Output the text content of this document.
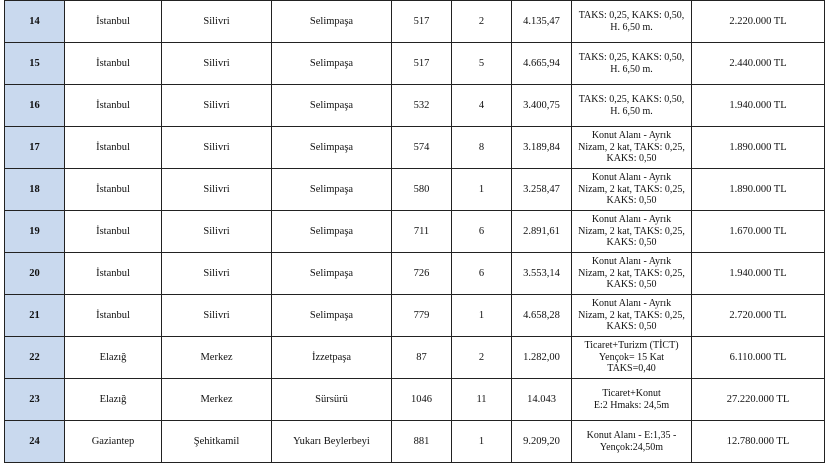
14	İstanbul	Silivri	Selimpaşa	517	2	4.135,47	TAKS: 0,25, KAKS: 0,50,
H. 6,50 m.	2.220.000 TL
15	İstanbul	Silivri	Selimpaşa	517	5	4.665,94	TAKS: 0,25, KAKS: 0,50,
H. 6,50 m.	2.440.000 TL
16	İstanbul	Silivri	Selimpaşa	532	4	3.400,75	TAKS: 0,25, KAKS: 0,50,
H. 6,50 m.	1.940.000 TL
17	İstanbul	Silivri	Selimpaşa	574	8	3.189,84	Konut Alanı - Ayrık
Nizam, 2 kat, TAKS: 0,25,
KAKS: 0,50	1.890.000 TL
18	İstanbul	Silivri	Selimpaşa	580	1	3.258,47	Konut Alanı - Ayrık
Nizam, 2 kat, TAKS: 0,25,
KAKS: 0,50	1.890.000 TL
19	İstanbul	Silivri	Selimpaşa	711	6	2.891,61	Konut Alanı - Ayrık
Nizam, 2 kat, TAKS: 0,25,
KAKS: 0,50	1.670.000 TL
20	İstanbul	Silivri	Selimpaşa	726	6	3.553,14	Konut Alanı - Ayrık
Nizam, 2 kat, TAKS: 0,25,
KAKS: 0,50	1.940.000 TL
21	İstanbul	Silivri	Selimpaşa	779	1	4.658,28	Konut Alanı - Ayrık
Nizam, 2 kat, TAKS: 0,25,
KAKS: 0,50	2.720.000 TL
22	Elazığ	Merkez	İzzetpaşa	87	2	1.282,00	Ticaret+Turizm (TİCT)
Yençok= 15 Kat
TAKS=0,40	6.110.000 TL
23	Elazığ	Merkez	Sürsürü	1046	11	14.043	Ticaret+Konut
E:2 Hmaks: 24,5m	27.220.000 TL
24	Gaziantep	Şehitkamil	Yukarı Beylerbeyi	881	1	9.209,20	Konut Alanı - E:1,35 -
Yençok:24,50m	12.780.000 TL
